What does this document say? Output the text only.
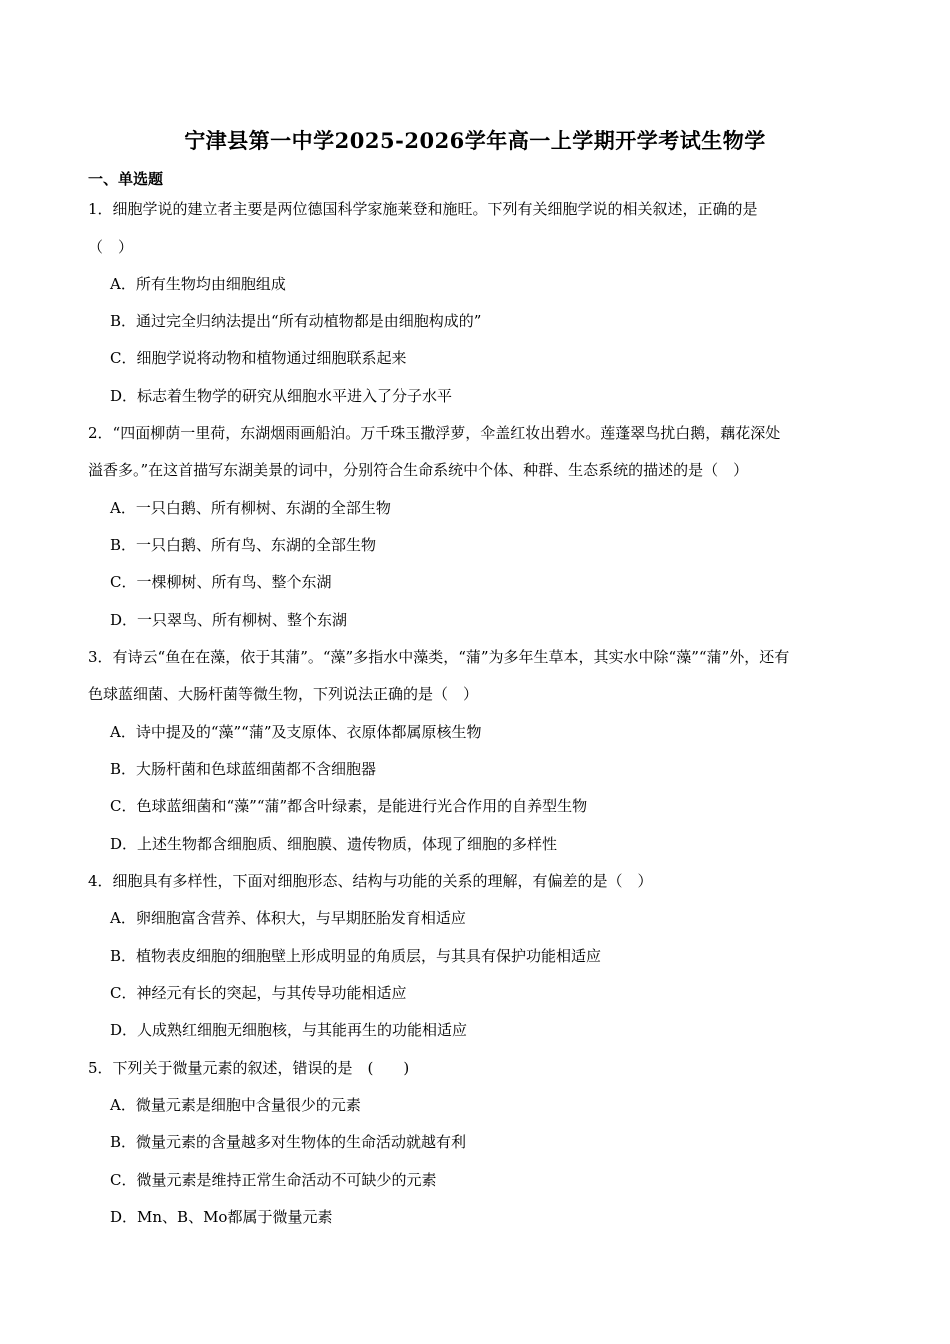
宁津县第一中学2025-2026学年高一上学期开学考试生物学
一、单选题
1．细胞学说的建立者主要是两位德国科学家施莱登和施旺。下列有关细胞学说的相关叙述，正确的是
（　）
A．所有生物均由细胞组成
B．通过完全归纳法提出“所有动植物都是由细胞构成的”
C．细胞学说将动物和植物通过细胞联系起来
D．标志着生物学的研究从细胞水平进入了分子水平
2．“四面柳荫一里荷，东湖烟雨画船泊。万千珠玉撒浮萝，伞盖红妆出碧水。莲蓬翠鸟扰白鹅，藕花深处
溢香多。”在这首描写东湖美景的词中，分别符合生命系统中个体、种群、生态系统的描述的是（　）
A．一只白鹅、所有柳树、东湖的全部生物
B．一只白鹅、所有鸟、东湖的全部生物
C．一棵柳树、所有鸟、整个东湖
D．一只翠鸟、所有柳树、整个东湖
3．有诗云“鱼在在藻，依于其蒲”。“藻”多指水中藻类，“蒲”为多年生草本，其实水中除“藻”“蒲”外，还有
色球蓝细菌、大肠杆菌等微生物，下列说法正确的是（　）
A．诗中提及的“藻”“蒲”及支原体、衣原体都属原核生物
B．大肠杆菌和色球蓝细菌都不含细胞器
C．色球蓝细菌和“藻”“蒲”都含叶绿素，是能进行光合作用的自养型生物
D．上述生物都含细胞质、细胞膜、遗传物质，体现了细胞的多样性
4．细胞具有多样性，下面对细胞形态、结构与功能的关系的理解，有偏差的是（　）
A．卵细胞富含营养、体积大，与早期胚胎发育相适应
B．植物表皮细胞的细胞壁上形成明显的角质层，与其具有保护功能相适应
C．神经元有长的突起，与其传导功能相适应
D．人成熟红细胞无细胞核，与其能再生的功能相适应
5．下列关于微量元素的叙述，错误的是　(　　)
A．微量元素是细胞中含量很少的元素
B．微量元素的含量越多对生物体的生命活动就越有利
C．微量元素是维持正常生命活动不可缺少的元素
D．Mn、B、Mo都属于微量元素
